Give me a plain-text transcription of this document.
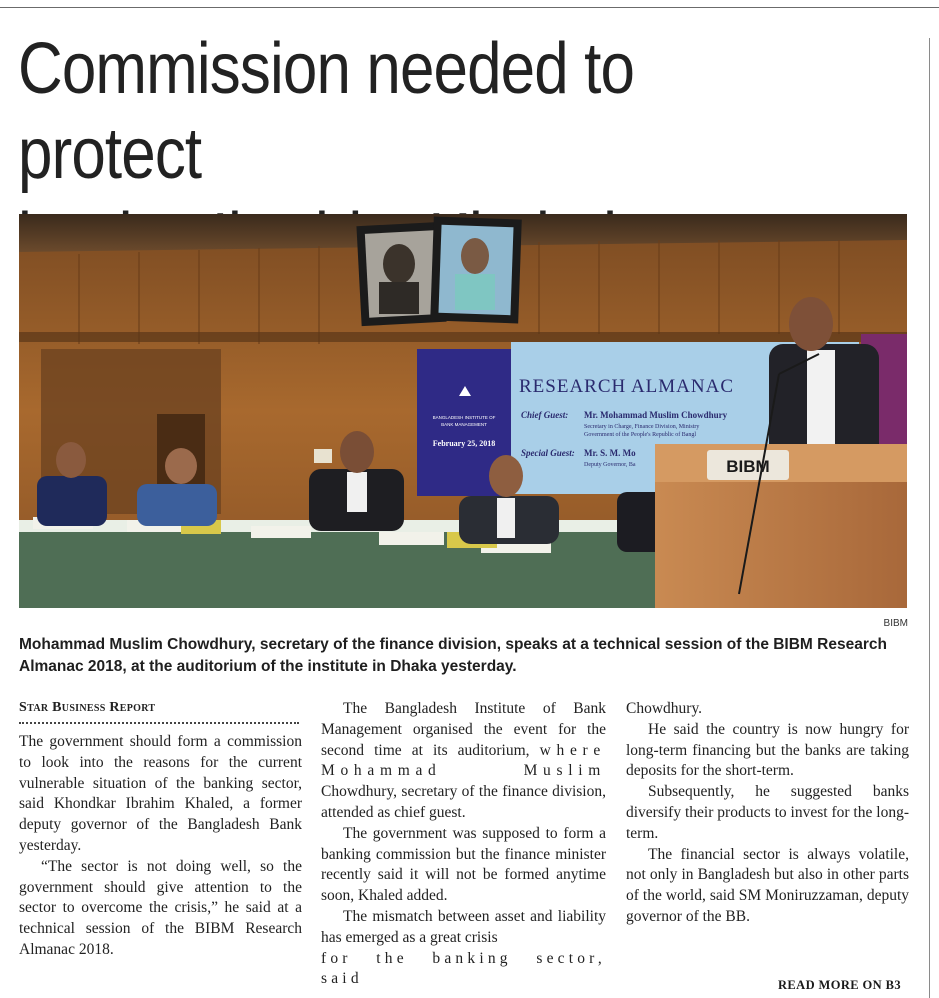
Commission needed to protect

BANGLADESH INSTITUTE OF
BANK MANAGEMENT
February 25, 2018
RESEARCH ALMANAC
Chief Guest: Mr. Mohammad Muslim Chowdhury
Secretary in Charge, Finance Division, Ministry
Government of the People's Republic of Bangl
Special Guest: Mr. S. M. Mo
Deputy Governor, Ba	BIBM
BIBM

Mohammad Muslim Chowdhury, secretary of the finance division, speaks at a technical session of the BIBM Research Almanac 2018, at the auditorium of the institute in Dhaka yesterday.

Star Business Report

The government should form a commission to look into the reasons for the current vulnerable situation of the banking sector, said Khondkar Ibrahim Khaled, a former deputy governor of the Bangladesh Bank yesterday.

“The sector is not doing well, so the government should give attention to the sector to overcome the crisis,” he said at a technical session of the BIBM Research Almanac 2018.

The Bangladesh Institute of Bank Management organised the event for the second time at its auditorium, where Mohammad Muslim Chowdhury, secretary of the finance division, attended as chief guest.

The government was supposed to form a banking commission but the finance minister recently said it will not be formed anytime soon, Khaled added.

The mismatch between asset and liability has emerged as a great crisis
for the banking sector, said

Chowdhury.

He said the country is now hungry for long-term financing but the banks are taking deposits for the short-term.

Subsequently, he suggested banks diversify their products to invest for the long-term.

The financial sector is always volatile, not only in Bangladesh but also in other parts of the world, said SM Moniruzzaman, deputy governor of the BB.

READ MORE ON B3
